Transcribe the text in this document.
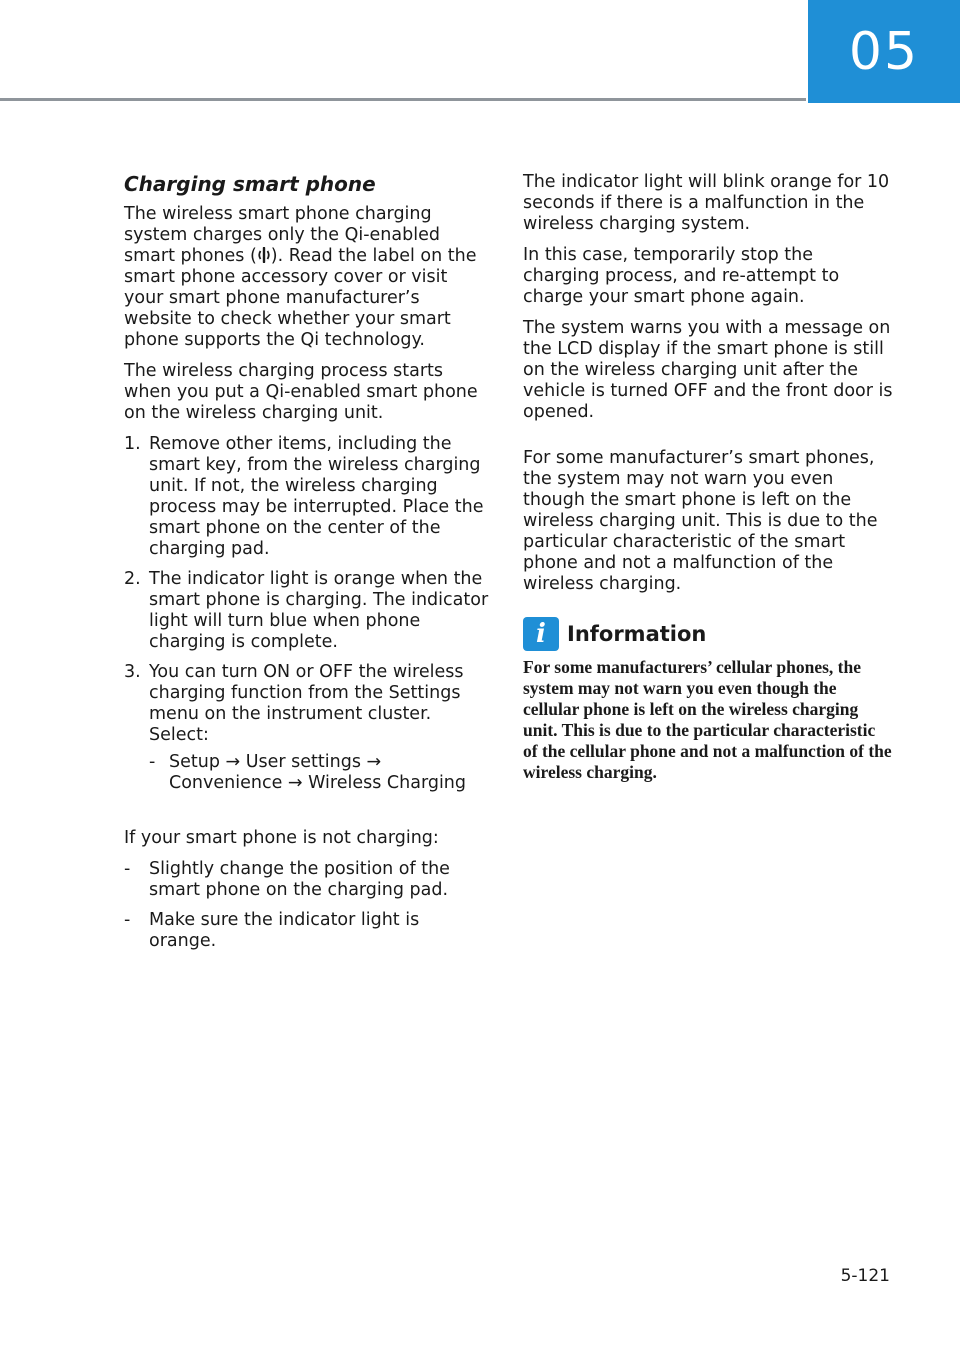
05
Charging smart phone

The wireless smart phone charging system charges only the Qi-enabled smart phones ( ). Read the label on the smart phone accessory cover or visit your smart phone manufacturer’s website to check whether your smart phone supports the Qi technology.

The wireless charging process starts when you put a Qi-enabled smart phone on the wireless charging unit.

1. Remove other items, including the smart key, from the wireless charging unit. If not, the wireless charging process may be interrupted. Place the smart phone on the center of the charging pad.
2. The indicator light is orange when the smart phone is charging. The indicator light will turn blue when phone charging is complete.
3. You can turn ON or OFF the wireless charging function from the Settings menu on the instrument cluster. Select:
- Setup → User settings →
Convenience → Wireless Charging

If your smart phone is not charging:

-	Slightly change the position of the smart phone on the charging pad.
-	Make sure the indicator light is orange.

The indicator light will blink orange for 10 seconds if there is a malfunction in the wireless charging system.

In this case, temporarily stop the charging process, and re-attempt to charge your smart phone again.

The system warns you with a message on the LCD display if the smart phone is still on the wireless charging unit after the vehicle is turned OFF and the front door is opened.

For some manufacturer’s smart phones, the system may not warn you even though the smart phone is left on the wireless charging unit. This is due to the particular characteristic of the smart phone and not a malfunction of the wireless charging.

i Information

For some manufacturers’ cellular phones, the system may not warn you even though the cellular phone is left on the wireless charging unit. This is due to the particular characteristic of the cellular phone and not a malfunction of the wireless charging.

5-121
